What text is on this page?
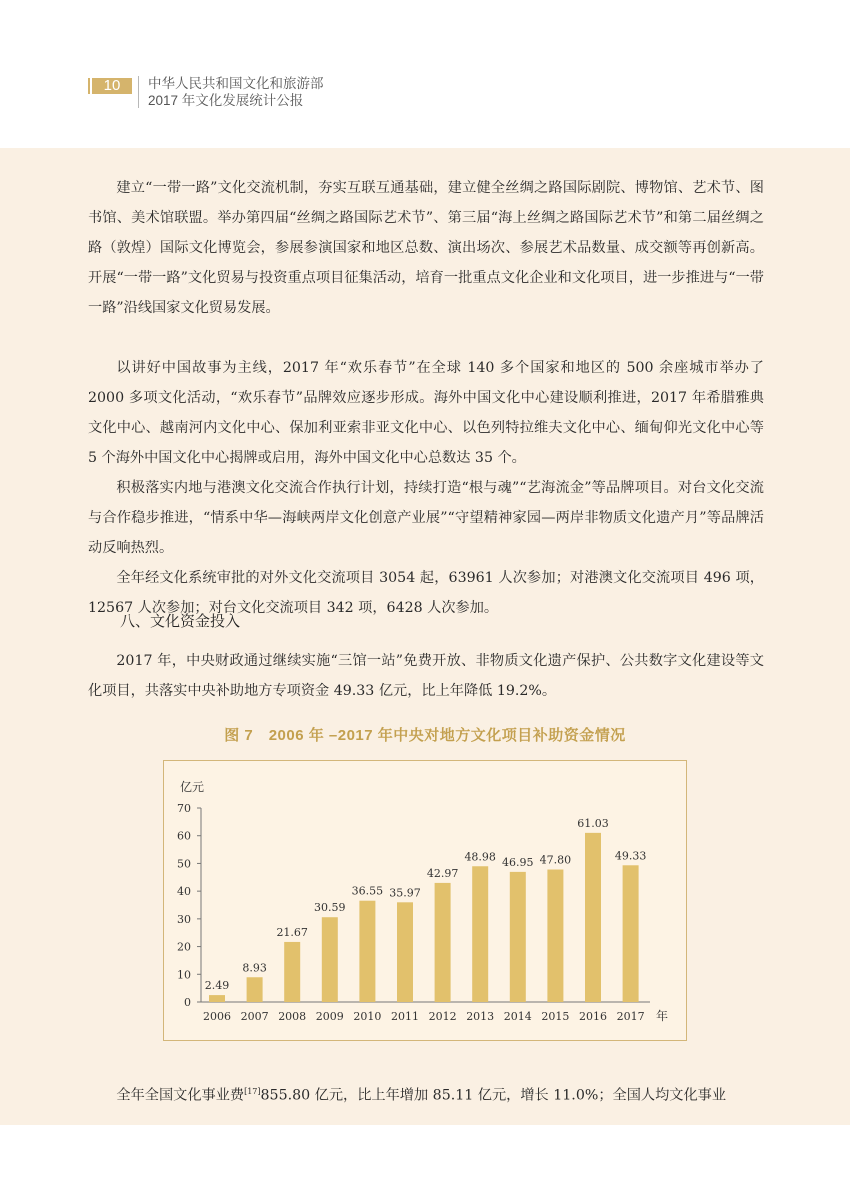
10	中华人民共和国文化和旅游部
2017 年文化发展统计公报

建立“一带一路”文化交流机制，夯实互联互通基础，建立健全丝绸之路国际剧院、博物馆、艺术节、图书馆、美术馆联盟。举办第四届“丝绸之路国际艺术节”、第三届“海上丝绸之路国际艺术节”和第二届丝绸之路（敦煌）国际文化博览会，参展参演国家和地区总数、演出场次、参展艺术品数量、成交额等再创新高。开展“一带一路”文化贸易与投资重点项目征集活动，培育一批重点文化企业和文化项目，进一步推进与“一带一路”沿线国家文化贸易发展。

以讲好中国故事为主线，2017 年“欢乐春节”在全球 140 多个国家和地区的 500 余座城市举办了 2000 多项文化活动，“欢乐春节”品牌效应逐步形成。海外中国文化中心建设顺利推进，2017 年希腊雅典文化中心、越南河内文化中心、保加利亚索非亚文化中心、以色列特拉维夫文化中心、缅甸仰光文化中心等 5 个海外中国文化中心揭牌或启用，海外中国文化中心总数达 35 个。

积极落实内地与港澳文化交流合作执行计划，持续打造“根与魂”“艺海流金”等品牌项目。对台文化交流与合作稳步推进，“情系中华—海峡两岸文化创意产业展”“守望精神家园—两岸非物质文化遗产月”等品牌活动反响热烈。

全年经文化系统审批的对外文化交流项目 3054 起，63961 人次参加；对港澳文化交流项目 496 项，12567 人次参加；对台文化交流项目 342 项，6428 人次参加。

八、文化资金投入

2017 年，中央财政通过继续实施“三馆一站”免费开放、非物质文化遗产保护、公共数字文化建设等文化项目，共落实中央补助地方专项资金 49.33 亿元，比上年降低 19.2%。

全年全国文化事业费[17]855.80 亿元，比上年增加 85.11 亿元，增长 11.0%；全国人均文化事业

图 7　2006 年 –2017 年中央对地方文化项目补助资金情况
亿元
年
0
10
20
30
40
50
60
70
2.49
2006
8.93
2007
21.67
2008
30.59
2009
36.55
2010
35.97
2011
42.97
2012
48.98
2013
46.95
2014
47.80
2015
61.03
2016
49.33
2017
